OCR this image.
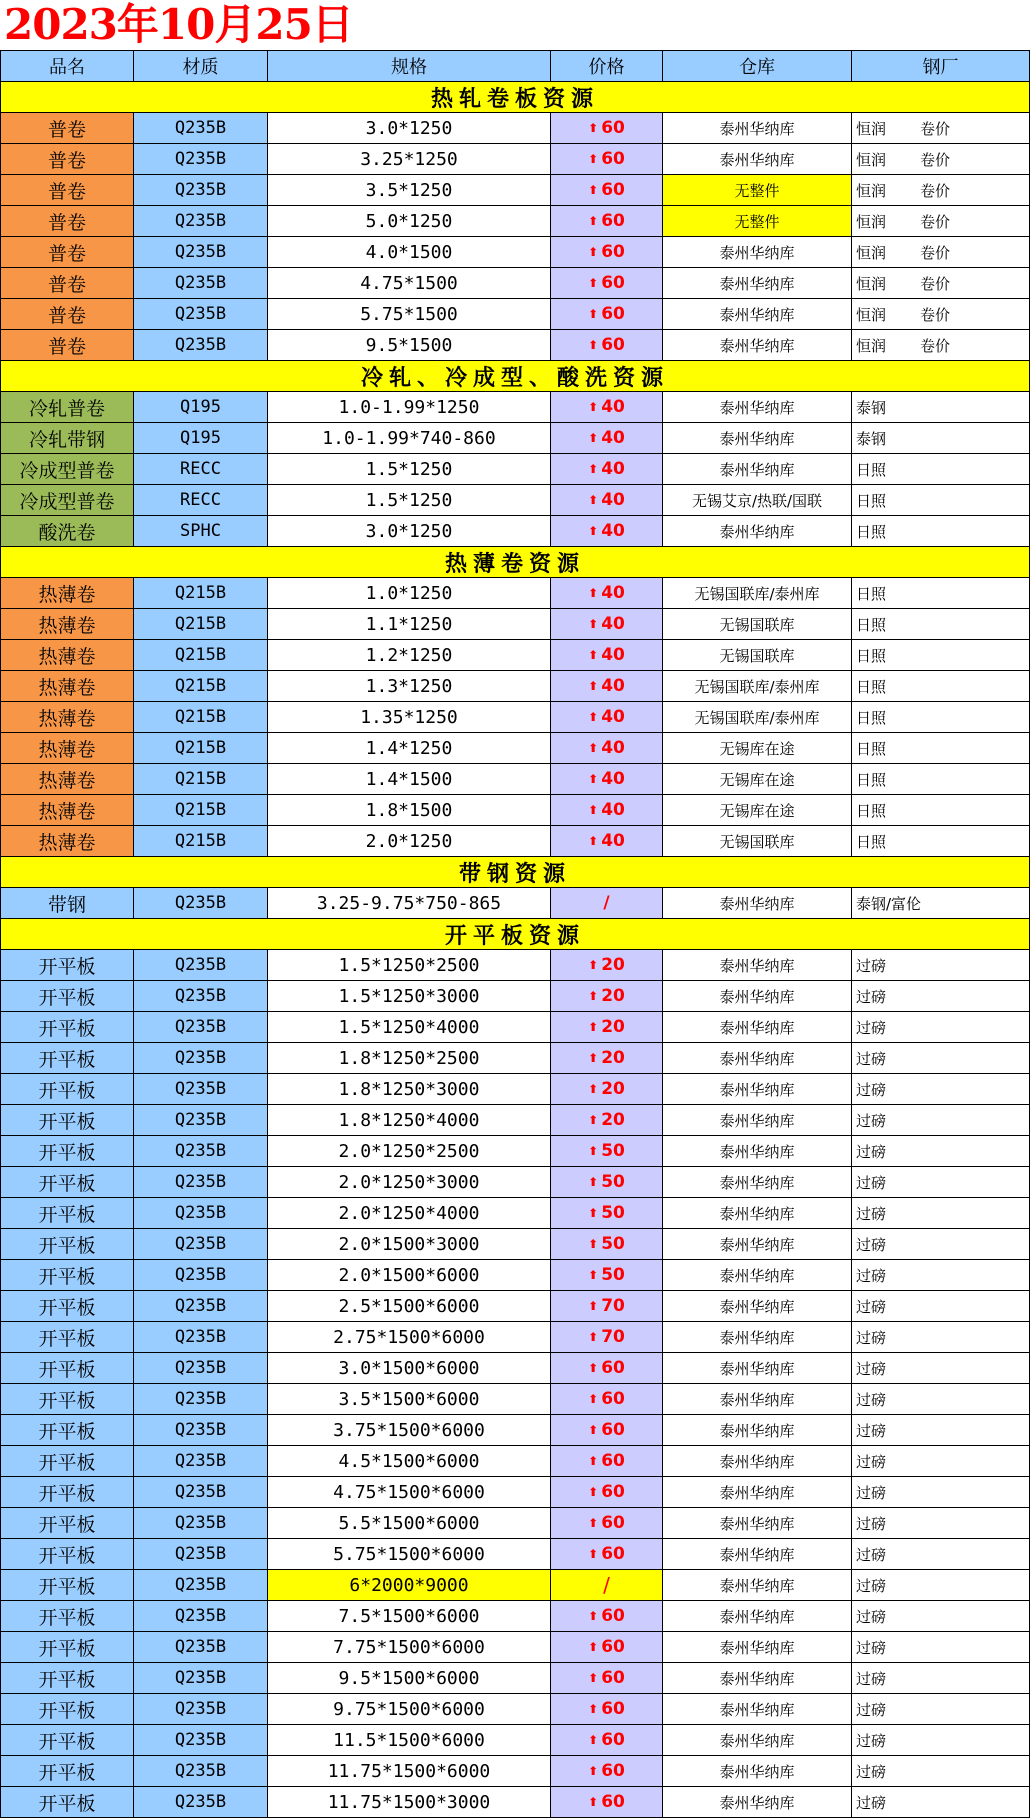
2023年10月25日
品名	材质	规格	价格	仓库	钢厂
热轧卷板资源
普卷	Q235B	3.0*1250	⬆ 60	泰州华纳库	恒润 卷价
普卷	Q235B	3.25*1250	⬆ 60	泰州华纳库	恒润 卷价
普卷	Q235B	3.5*1250	⬆ 60	无整件	恒润 卷价
普卷	Q235B	5.0*1250	⬆ 60	无整件	恒润 卷价
普卷	Q235B	4.0*1500	⬆ 60	泰州华纳库	恒润 卷价
普卷	Q235B	4.75*1500	⬆ 60	泰州华纳库	恒润 卷价
普卷	Q235B	5.75*1500	⬆ 60	泰州华纳库	恒润 卷价
普卷	Q235B	9.5*1500	⬆ 60	泰州华纳库	恒润 卷价
冷轧、冷成型、酸洗资源
冷轧普卷	Q195	1.0-1.99*1250	⬆ 40	泰州华纳库	泰钢
冷轧带钢	Q195	1.0-1.99*740-860	⬆ 40	泰州华纳库	泰钢
冷成型普卷	RECC	1.5*1250	⬆ 40	泰州华纳库	日照
冷成型普卷	RECC	1.5*1250	⬆ 40	无锡艾京/热联/国联	日照
酸洗卷	SPHC	3.0*1250	⬆ 40	泰州华纳库	日照
热薄卷资源
热薄卷	Q215B	1.0*1250	⬆ 40	无锡国联库/泰州库	日照
热薄卷	Q215B	1.1*1250	⬆ 40	无锡国联库	日照
热薄卷	Q215B	1.2*1250	⬆ 40	无锡国联库	日照
热薄卷	Q215B	1.3*1250	⬆ 40	无锡国联库/泰州库	日照
热薄卷	Q215B	1.35*1250	⬆ 40	无锡国联库/泰州库	日照
热薄卷	Q215B	1.4*1250	⬆ 40	无锡库在途	日照
热薄卷	Q215B	1.4*1500	⬆ 40	无锡库在途	日照
热薄卷	Q215B	1.8*1500	⬆ 40	无锡库在途	日照
热薄卷	Q215B	2.0*1250	⬆ 40	无锡国联库	日照
带钢资源
带钢	Q235B	3.25-9.75*750-865	/	泰州华纳库	泰钢/富伦
开平板资源
开平板	Q235B	1.5*1250*2500	⬆ 20	泰州华纳库	过磅
开平板	Q235B	1.5*1250*3000	⬆ 20	泰州华纳库	过磅
开平板	Q235B	1.5*1250*4000	⬆ 20	泰州华纳库	过磅
开平板	Q235B	1.8*1250*2500	⬆ 20	泰州华纳库	过磅
开平板	Q235B	1.8*1250*3000	⬆ 20	泰州华纳库	过磅
开平板	Q235B	1.8*1250*4000	⬆ 20	泰州华纳库	过磅
开平板	Q235B	2.0*1250*2500	⬆ 50	泰州华纳库	过磅
开平板	Q235B	2.0*1250*3000	⬆ 50	泰州华纳库	过磅
开平板	Q235B	2.0*1250*4000	⬆ 50	泰州华纳库	过磅
开平板	Q235B	2.0*1500*3000	⬆ 50	泰州华纳库	过磅
开平板	Q235B	2.0*1500*6000	⬆ 50	泰州华纳库	过磅
开平板	Q235B	2.5*1500*6000	⬆ 70	泰州华纳库	过磅
开平板	Q235B	2.75*1500*6000	⬆ 70	泰州华纳库	过磅
开平板	Q235B	3.0*1500*6000	⬆ 60	泰州华纳库	过磅
开平板	Q235B	3.5*1500*6000	⬆ 60	泰州华纳库	过磅
开平板	Q235B	3.75*1500*6000	⬆ 60	泰州华纳库	过磅
开平板	Q235B	4.5*1500*6000	⬆ 60	泰州华纳库	过磅
开平板	Q235B	4.75*1500*6000	⬆ 60	泰州华纳库	过磅
开平板	Q235B	5.5*1500*6000	⬆ 60	泰州华纳库	过磅
开平板	Q235B	5.75*1500*6000	⬆ 60	泰州华纳库	过磅
开平板	Q235B	6*2000*9000	/	泰州华纳库	过磅
开平板	Q235B	7.5*1500*6000	⬆ 60	泰州华纳库	过磅
开平板	Q235B	7.75*1500*6000	⬆ 60	泰州华纳库	过磅
开平板	Q235B	9.5*1500*6000	⬆ 60	泰州华纳库	过磅
开平板	Q235B	9.75*1500*6000	⬆ 60	泰州华纳库	过磅
开平板	Q235B	11.5*1500*6000	⬆ 60	泰州华纳库	过磅
开平板	Q235B	11.75*1500*6000	⬆ 60	泰州华纳库	过磅
开平板	Q235B	11.75*1500*3000	⬆ 60	泰州华纳库	过磅
